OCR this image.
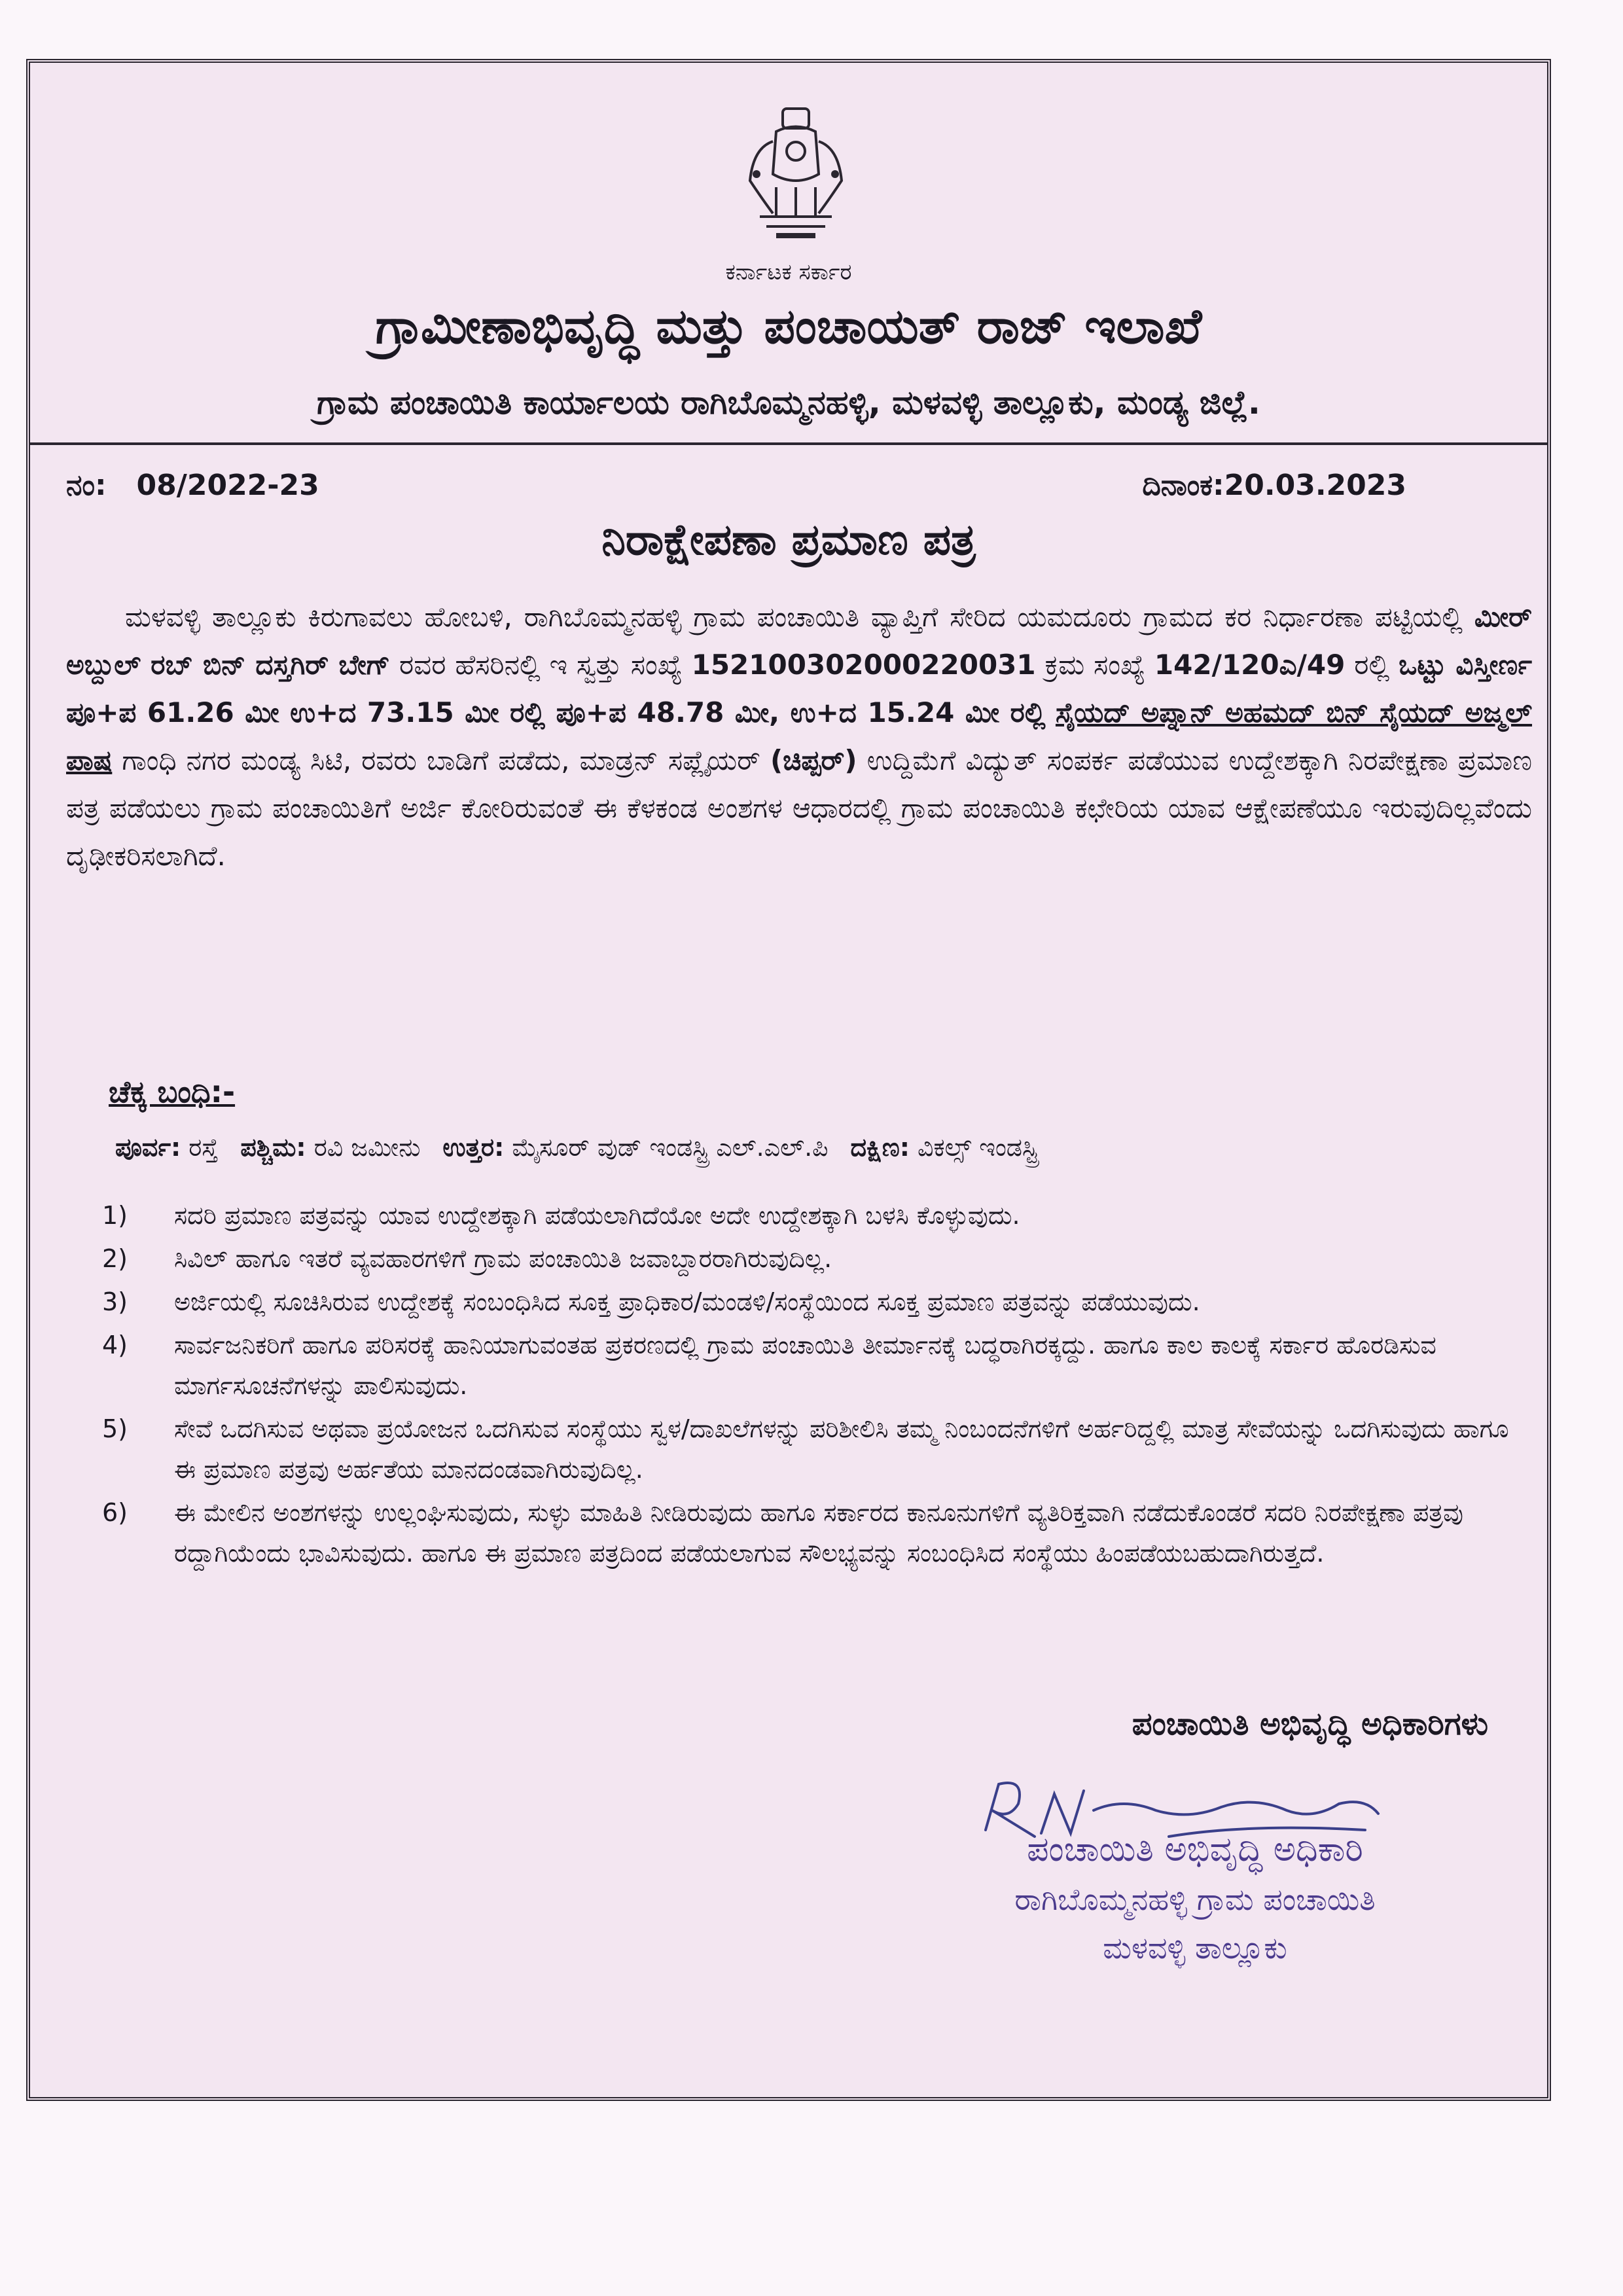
ಕರ್ನಾಟಕ ಸರ್ಕಾರ
ಗ್ರಾಮೀಣಾಭಿವೃದ್ಧಿ ಮತ್ತು ಪಂಚಾಯತ್ ರಾಜ್ ಇಲಾಖೆ
ಗ್ರಾಮ ಪಂಚಾಯಿತಿ ಕಾರ್ಯಾಲಯ ರಾಗಿಬೊಮ್ಮನಹಳ್ಳಿ, ಮಳವಳ್ಳಿ ತಾಲ್ಲೂಕು, ಮಂಡ್ಯ ಜಿಲ್ಲೆ.
ನಂ: 08/2022-23	ದಿನಾಂಕ:20.03.2023
ನಿರಾಕ್ಷೇಪಣಾ ಪ್ರಮಾಣ ಪತ್ರ
ಮಳವಳ್ಳಿ ತಾಲ್ಲೂಕು ಕಿರುಗಾವಲು ಹೋಬಳಿ, ರಾಗಿಬೊಮ್ಮನಹಳ್ಳಿ ಗ್ರಾಮ ಪಂಚಾಯಿತಿ ವ್ಯಾಪ್ತಿಗೆ ಸೇರಿದ ಯಮದೂರು ಗ್ರಾಮದ ಕರ ನಿರ್ಧಾರಣಾ ಪಟ್ಟಿಯಲ್ಲಿ ಮೀರ್ ಅಬ್ದುಲ್ ರಬ್ ಬಿನ್ ದಸ್ತಗಿರ್ ಬೇಗ್ ರವರ ಹೆಸರಿನಲ್ಲಿ ಇ ಸ್ವತ್ತು ಸಂಖ್ಯೆ 152100302000220031 ಕ್ರಮ ಸಂಖ್ಯೆ 142/120ಎ/49 ರಲ್ಲಿ ಒಟ್ಟು ವಿಸ್ತೀರ್ಣ ಪೂ+ಪ 61.26 ಮೀ ಉ+ದ 73.15 ಮೀ ರಲ್ಲಿ ಪೂ+ಪ 48.78 ಮೀ, ಉ+ದ 15.24 ಮೀ ರಲ್ಲಿ ಸೈಯದ್ ಅಪ್ನಾನ್ ಅಹಮದ್ ಬಿನ್ ಸೈಯದ್ ಅಜ್ಮಲ್ ಪಾಷ ಗಾಂಧಿ ನಗರ ಮಂಡ್ಯ ಸಿಟಿ, ರವರು ಬಾಡಿಗೆ ಪಡೆದು, ಮಾಡ್ರನ್ ಸಪ್ಲೈಯರ್ (ಚಿಪ್ಪರ್) ಉದ್ದಿಮೆಗೆ ವಿದ್ಯುತ್ ಸಂಪರ್ಕ ಪಡೆಯುವ ಉದ್ದೇಶಕ್ಕಾಗಿ ನಿರಪೇಕ್ಷಣಾ ಪ್ರಮಾಣ ಪತ್ರ ಪಡೆಯಲು ಗ್ರಾಮ ಪಂಚಾಯಿತಿಗೆ ಅರ್ಜಿ ಕೋರಿರುವಂತೆ ಈ ಕೆಳಕಂಡ ಅಂಶಗಳ ಆಧಾರದಲ್ಲಿ ಗ್ರಾಮ ಪಂಚಾಯಿತಿ ಕಛೇರಿಯ ಯಾವ ಆಕ್ಷೇಪಣೆಯೂ ಇರುವುದಿಲ್ಲವೆಂದು ದೃಢೀಕರಿಸಲಾಗಿದೆ.
ಚೆಕ್ಕ ಬಂಧಿ:-
ಪೂರ್ವ: ರಸ್ತೆ ಪಶ್ಚಿಮ: ರವಿ ಜಮೀನು ಉತ್ತರ: ಮೈಸೂರ್ ವುಡ್ ಇಂಡಸ್ಟ್ರಿ ಎಲ್.ಎಲ್.ಪಿ ದಕ್ಷಿಣ: ವಿಕಲ್ಸ್ ಇಂಡಸ್ಟ್ರಿ
1)	ಸದರಿ ಪ್ರಮಾಣ ಪತ್ರವನ್ನು ಯಾವ ಉದ್ದೇಶಕ್ಕಾಗಿ ಪಡೆಯಲಾಗಿದೆಯೋ ಅದೇ ಉದ್ದೇಶಕ್ಕಾಗಿ ಬಳಸಿ ಕೊಳ್ಳುವುದು.
2)	ಸಿವಿಲ್ ಹಾಗೂ ಇತರೆ ವ್ಯವಹಾರಗಳಿಗೆ ಗ್ರಾಮ ಪಂಚಾಯಿತಿ ಜವಾಬ್ದಾರರಾಗಿರುವುದಿಲ್ಲ.
3)	ಅರ್ಜಿಯಲ್ಲಿ ಸೂಚಿಸಿರುವ ಉದ್ದೇಶಕ್ಕೆ ಸಂಬಂಧಿಸಿದ ಸೂಕ್ತ ಪ್ರಾಧಿಕಾರ/ಮಂಡಳಿ/ಸಂಸ್ಥೆಯಿಂದ ಸೂಕ್ತ ಪ್ರಮಾಣ ಪತ್ರವನ್ನು ಪಡೆಯುವುದು.
4)	ಸಾರ್ವಜನಿಕರಿಗೆ ಹಾಗೂ ಪರಿಸರಕ್ಕೆ ಹಾನಿಯಾಗುವಂತಹ ಪ್ರಕರಣದಲ್ಲಿ ಗ್ರಾಮ ಪಂಚಾಯಿತಿ ತೀರ್ಮಾನಕ್ಕೆ ಬದ್ಧರಾಗಿರಕ್ಕದ್ದು. ಹಾಗೂ ಕಾಲ ಕಾಲಕ್ಕೆ ಸರ್ಕಾರ ಹೊರಡಿಸುವ ಮಾರ್ಗಸೂಚನೆಗಳನ್ನು ಪಾಲಿಸುವುದು.
5)	ಸೇವೆ ಒದಗಿಸುವ ಅಥವಾ ಪ್ರಯೋಜನ ಒದಗಿಸುವ ಸಂಸ್ಥೆಯು ಸ್ವಳ/ದಾಖಲೆಗಳನ್ನು ಪರಿಶೀಲಿಸಿ ತಮ್ಮ ನಿಂಬಂದನೆಗಳಿಗೆ ಅರ್ಹರಿದ್ದಲ್ಲಿ ಮಾತ್ರ ಸೇವೆಯನ್ನು ಒದಗಿಸುವುದು ಹಾಗೂ ಈ ಪ್ರಮಾಣ ಪತ್ರವು ಅರ್ಹತೆಯ ಮಾನದಂಡವಾಗಿರುವುದಿಲ್ಲ.
6)	ಈ ಮೇಲಿನ ಅಂಶಗಳನ್ನು ಉಲ್ಲಂಘಿಸುವುದು, ಸುಳ್ಳು ಮಾಹಿತಿ ನೀಡಿರುವುದು ಹಾಗೂ ಸರ್ಕಾರದ ಕಾನೂನುಗಳಿಗೆ ವ್ಯತಿರಿಕ್ತವಾಗಿ ನಡೆದುಕೊಂಡರೆ ಸದರಿ ನಿರಪೇಕ್ಷಣಾ ಪತ್ರವು ರದ್ದಾಗಿಯೆಂದು ಭಾವಿಸುವುದು. ಹಾಗೂ ಈ ಪ್ರಮಾಣ ಪತ್ರದಿಂದ ಪಡೆಯಲಾಗುವ ಸೌಲಭ್ಯವನ್ನು ಸಂಬಂಧಿಸಿದ ಸಂಸ್ಥೆಯು ಹಿಂಪಡೆಯಬಹುದಾಗಿರುತ್ತದೆ.
ಪಂಚಾಯಿತಿ ಅಭಿವೃದ್ಧಿ ಅಧಿಕಾರಿಗಳು
ಪಂಚಾಯಿತಿ ಅಭಿವೃದ್ಧಿ ಅಧಿಕಾರಿ
ರಾಗಿಬೊಮ್ಮನಹಳ್ಳಿ ಗ್ರಾಮ ಪಂಚಾಯಿತಿ
ಮಳವಳ್ಳಿ ತಾಲ್ಲೂಕು
